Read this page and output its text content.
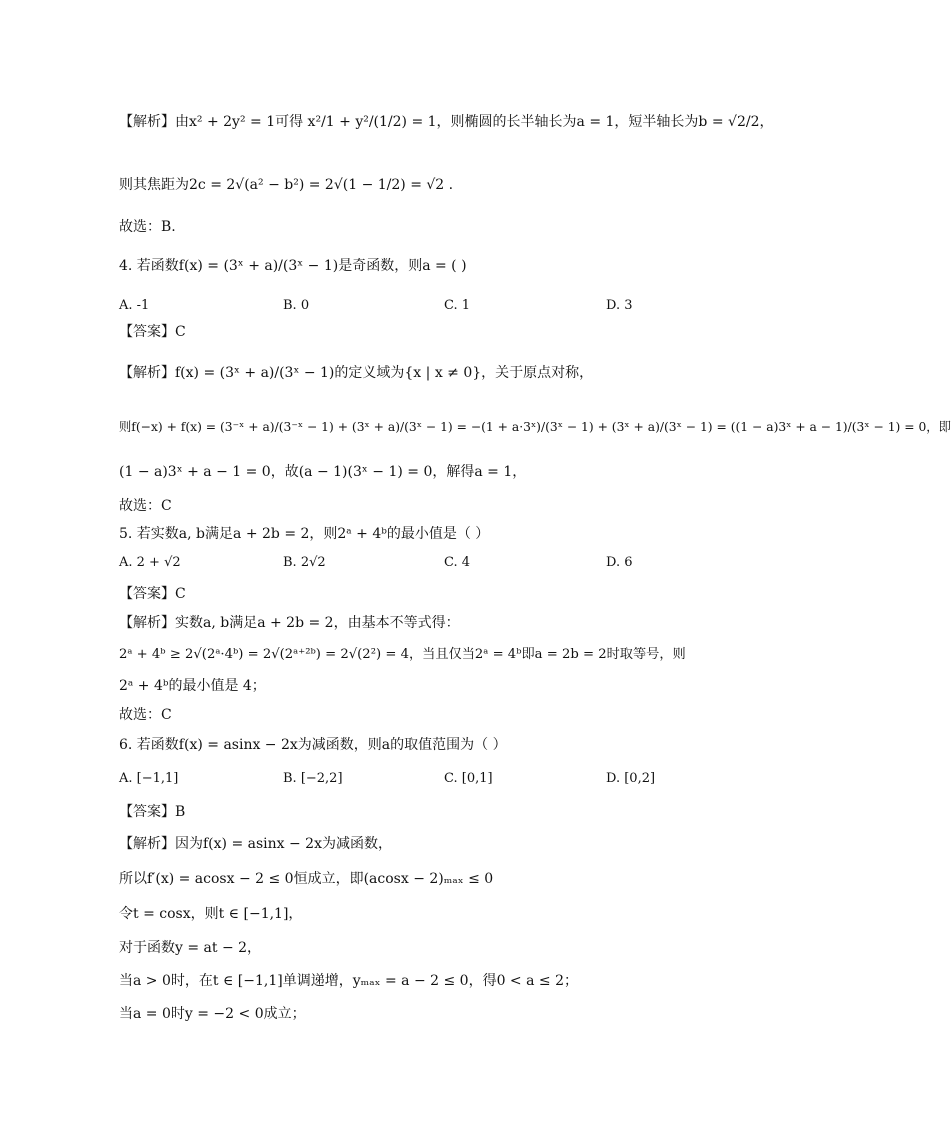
【解析】由x² + 2y² = 1可得 x²/1 + y²/(1/2) = 1，则椭圆的长半轴长为a = 1，短半轴长为b = √2/2，
则其焦距为2c = 2√(a² − b²) = 2√(1 − 1/2) = √2 .
故选：B.
4. 若函数f(x) = (3ˣ + a)/(3ˣ − 1)是奇函数，则a = ( )
A. -1	B. 0	C. 1	D. 3
【答案】C
【解析】f(x) = (3ˣ + a)/(3ˣ − 1)的定义域为{x | x ≠ 0}，关于原点对称，
则f(−x) + f(x) = (3⁻ˣ + a)/(3⁻ˣ − 1) + (3ˣ + a)/(3ˣ − 1) = −(1 + a·3ˣ)/(3ˣ − 1) + (3ˣ + a)/(3ˣ − 1) = ((1 − a)3ˣ + a − 1)/(3ˣ − 1) = 0，即
(1 − a)3ˣ + a − 1 = 0，故(a − 1)(3ˣ − 1) = 0，解得a = 1，
故选：C
5. 若实数a, b满足a + 2b = 2，则2ᵃ + 4ᵇ的最小值是（ ）
A. 2 + √2	B. 2√2	C. 4	D. 6
【答案】C
【解析】实数a, b满足a + 2b = 2，由基本不等式得：
2ᵃ + 4ᵇ ≥ 2√(2ᵃ·4ᵇ) = 2√(2ᵃ⁺²ᵇ) = 2√(2²) = 4，当且仅当2ᵃ = 4ᵇ即a = 2b = 2时取等号，则
2ᵃ + 4ᵇ的最小值是 4；
故选：C
6. 若函数f(x) = asinx − 2x为减函数，则a的取值范围为（ ）
A. [−1,1]	B. [−2,2]	C. [0,1]	D. [0,2]
【答案】B
【解析】因为f(x) = asinx − 2x为减函数，
所以f′(x) = acosx − 2 ≤ 0恒成立，即(acosx − 2)ₘₐₓ ≤ 0
令t = cosx，则t ∈ [−1,1]，
对于函数y = at − 2，
当a > 0时，在t ∈ [−1,1]单调递增，yₘₐₓ = a − 2 ≤ 0，得0 < a ≤ 2；
当a = 0时y = −2 < 0成立；
